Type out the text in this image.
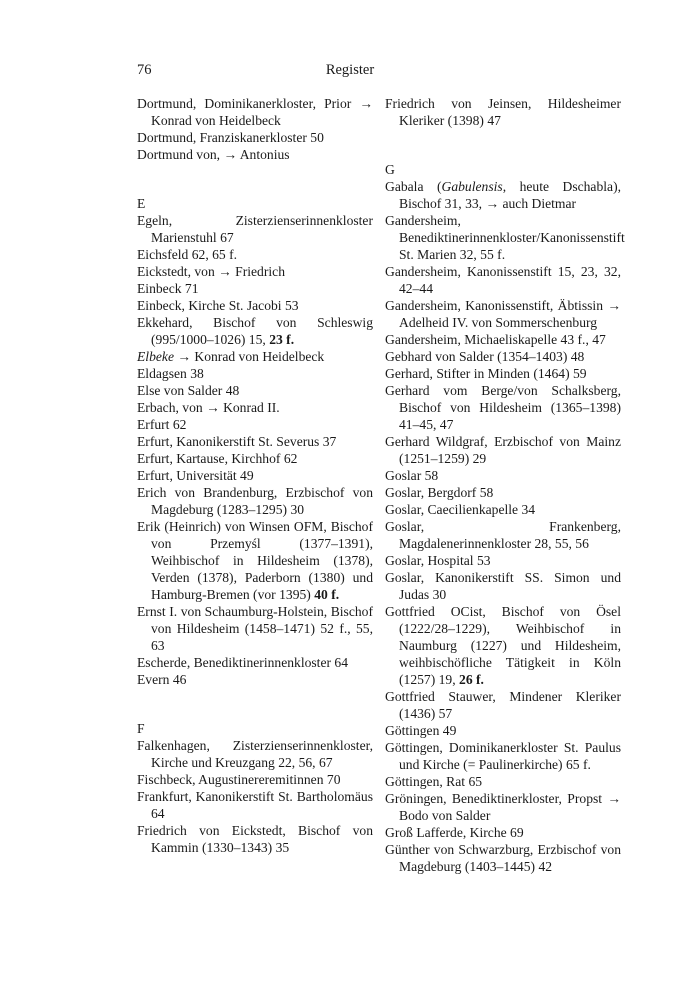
76	Register

Dortmund, Dominikanerkloster, Prior → Konrad von Heidelbeck

Dortmund, Franziskanerkloster 50

Dortmund von, → Antonius

E

Egeln, Zisterzienserinnenkloster Marienstuhl 67

Eichsfeld 62, 65 f.

Eickstedt, von → Friedrich

Einbeck 71

Einbeck, Kirche St. Jacobi 53

Ekkehard, Bischof von Schleswig (995/1000–1026) 15, 23 f.

Elbeke → Konrad von Heidelbeck

Eldagsen 38

Else von Salder 48

Erbach, von → Konrad II.

Erfurt 62

Erfurt, Kanonikerstift St. Severus 37

Erfurt, Kartause, Kirchhof 62

Erfurt, Universität 49

Erich von Brandenburg, Erzbischof von Magdeburg (1283–1295) 30

Erik (Heinrich) von Winsen OFM, Bischof von Przemyśl (1377–1391), Weihbischof in Hildesheim (1378), Verden (1378), Paderborn (1380) und Hamburg-Bremen (vor 1395) 40 f.

Ernst I. von Schaumburg-Holstein, Bischof von Hildesheim (1458–1471) 52 f., 55, 63

Escherde, Benediktinerinnenkloster 64

Evern 46

F

Falkenhagen, Zisterzienserinnenkloster, Kirche und Kreuzgang 22, 56, 67

Fischbeck, Augustinereremitinnen 70

Frankfurt, Kanonikerstift St. Bartholomäus 64

Friedrich von Eickstedt, Bischof von Kammin (1330–1343) 35

Friedrich von Jeinsen, Hildesheimer Kleriker (1398) 47

G

Gabala (Gabulensis, heute Dschabla), Bischof 31, 33, → auch Dietmar

Gandersheim, Benediktinerinnenkloster/Kanonissenstift St. Marien 32, 55 f.

Gandersheim, Kanonissenstift 15, 23, 32, 42–44

Gandersheim, Kanonissenstift, Äbtissin → Adelheid IV. von Sommerschenburg

Gandersheim, Michaeliskapelle 43 f., 47

Gebhard von Salder (1354–1403) 48

Gerhard, Stifter in Minden (1464) 59

Gerhard vom Berge/von Schalksberg, Bischof von Hildesheim (1365–1398) 41–45, 47

Gerhard Wildgraf, Erzbischof von Mainz (1251–1259) 29

Goslar 58

Goslar, Bergdorf 58

Goslar, Caecilienkapelle 34

Goslar, Frankenberg, Magdalenerinnenkloster 28, 55, 56

Goslar, Hospital 53

Goslar, Kanonikerstift SS. Simon und Judas 30

Gottfried OCist, Bischof von Ösel (1222/28–1229), Weihbischof in Naumburg (1227) und Hildesheim, weihbischöfliche Tätigkeit in Köln (1257) 19, 26 f.

Gottfried Stauwer, Mindener Kleriker (1436) 57

Göttingen 49

Göttingen, Dominikanerkloster St. Paulus und Kirche (= Paulinerkirche) 65 f.

Göttingen, Rat 65

Gröningen, Benediktinerkloster, Propst → Bodo von Salder

Groß Lafferde, Kirche 69

Günther von Schwarzburg, Erzbischof von Magdeburg (1403–1445) 42
